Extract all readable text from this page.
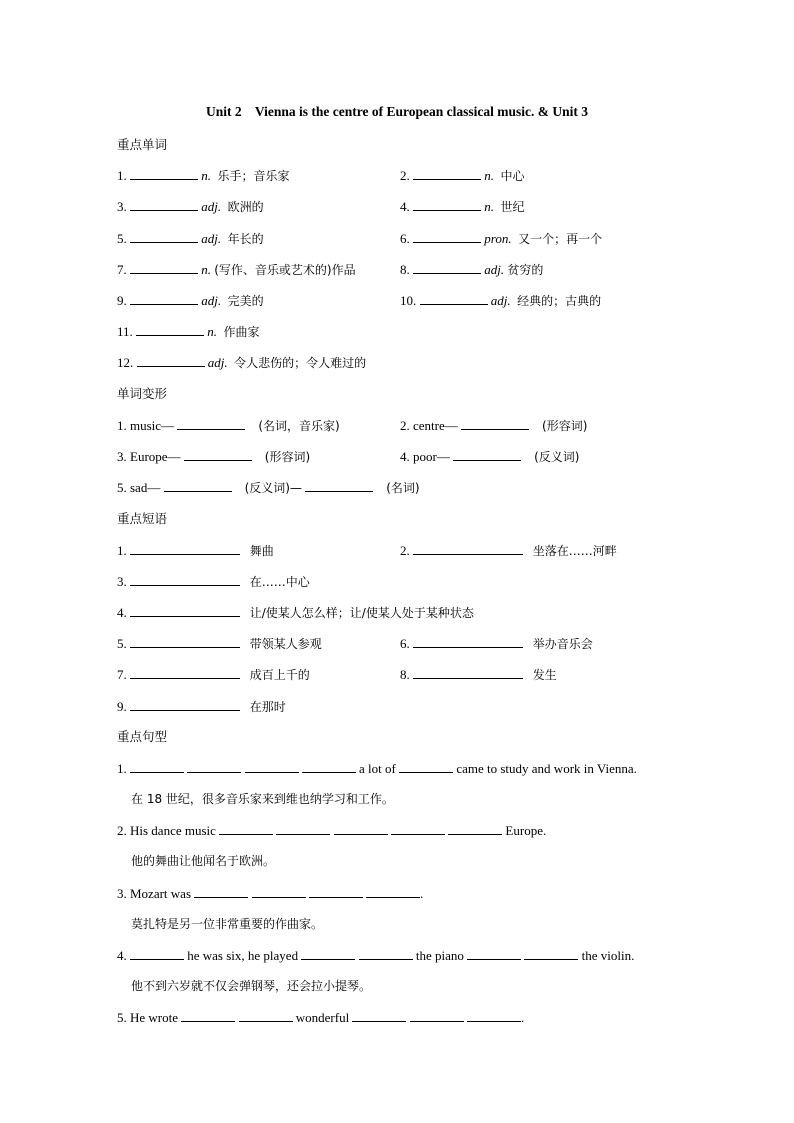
Unit 2    Vienna is the centre of European classical music. & Unit 3
重点单词
1.	n. 乐手；音乐家	2.	n. 中心
3.	adj. 欧洲的	4.	n. 世纪
5.	adj. 年长的	6.	pron. 又一个；再一个
7.	n. (写作、音乐或艺术的)作品	8.	adj. 贫穷的
9.	adj. 完美的	10.	adj. 经典的；古典的
11.	n. 作曲家
12.	adj. 令人悲伤的；令人难过的
单词变形
1. music—	(名词，音乐家)	2. centre—	(形容词)
3. Europe—	(形容词)	4. poor—	(反义词)
5. sad—	(反义词)—	(名词)
重点短语
1.	舞曲	2.	坐落在……河畔
3.	在……中心
4.	让/使某人怎么样；让/使某人处于某种状态
5.	带领某人参观	6.	举办音乐会
7.	成百上千的	8.	发生
9.	在那时
重点句型
1.	a lot of	came to study and work in Vienna.
在 18 世纪，很多音乐家来到维也纳学习和工作。
2. His dance music	Europe.
他的舞曲让他闻名于欧洲。
3. Mozart was	.
莫扎特是另一位非常重要的作曲家。
4.	he was six, he played	the piano	the violin.
他不到六岁就不仅会弹钢琴，还会拉小提琴。
5. He wrote	wonderful	.
